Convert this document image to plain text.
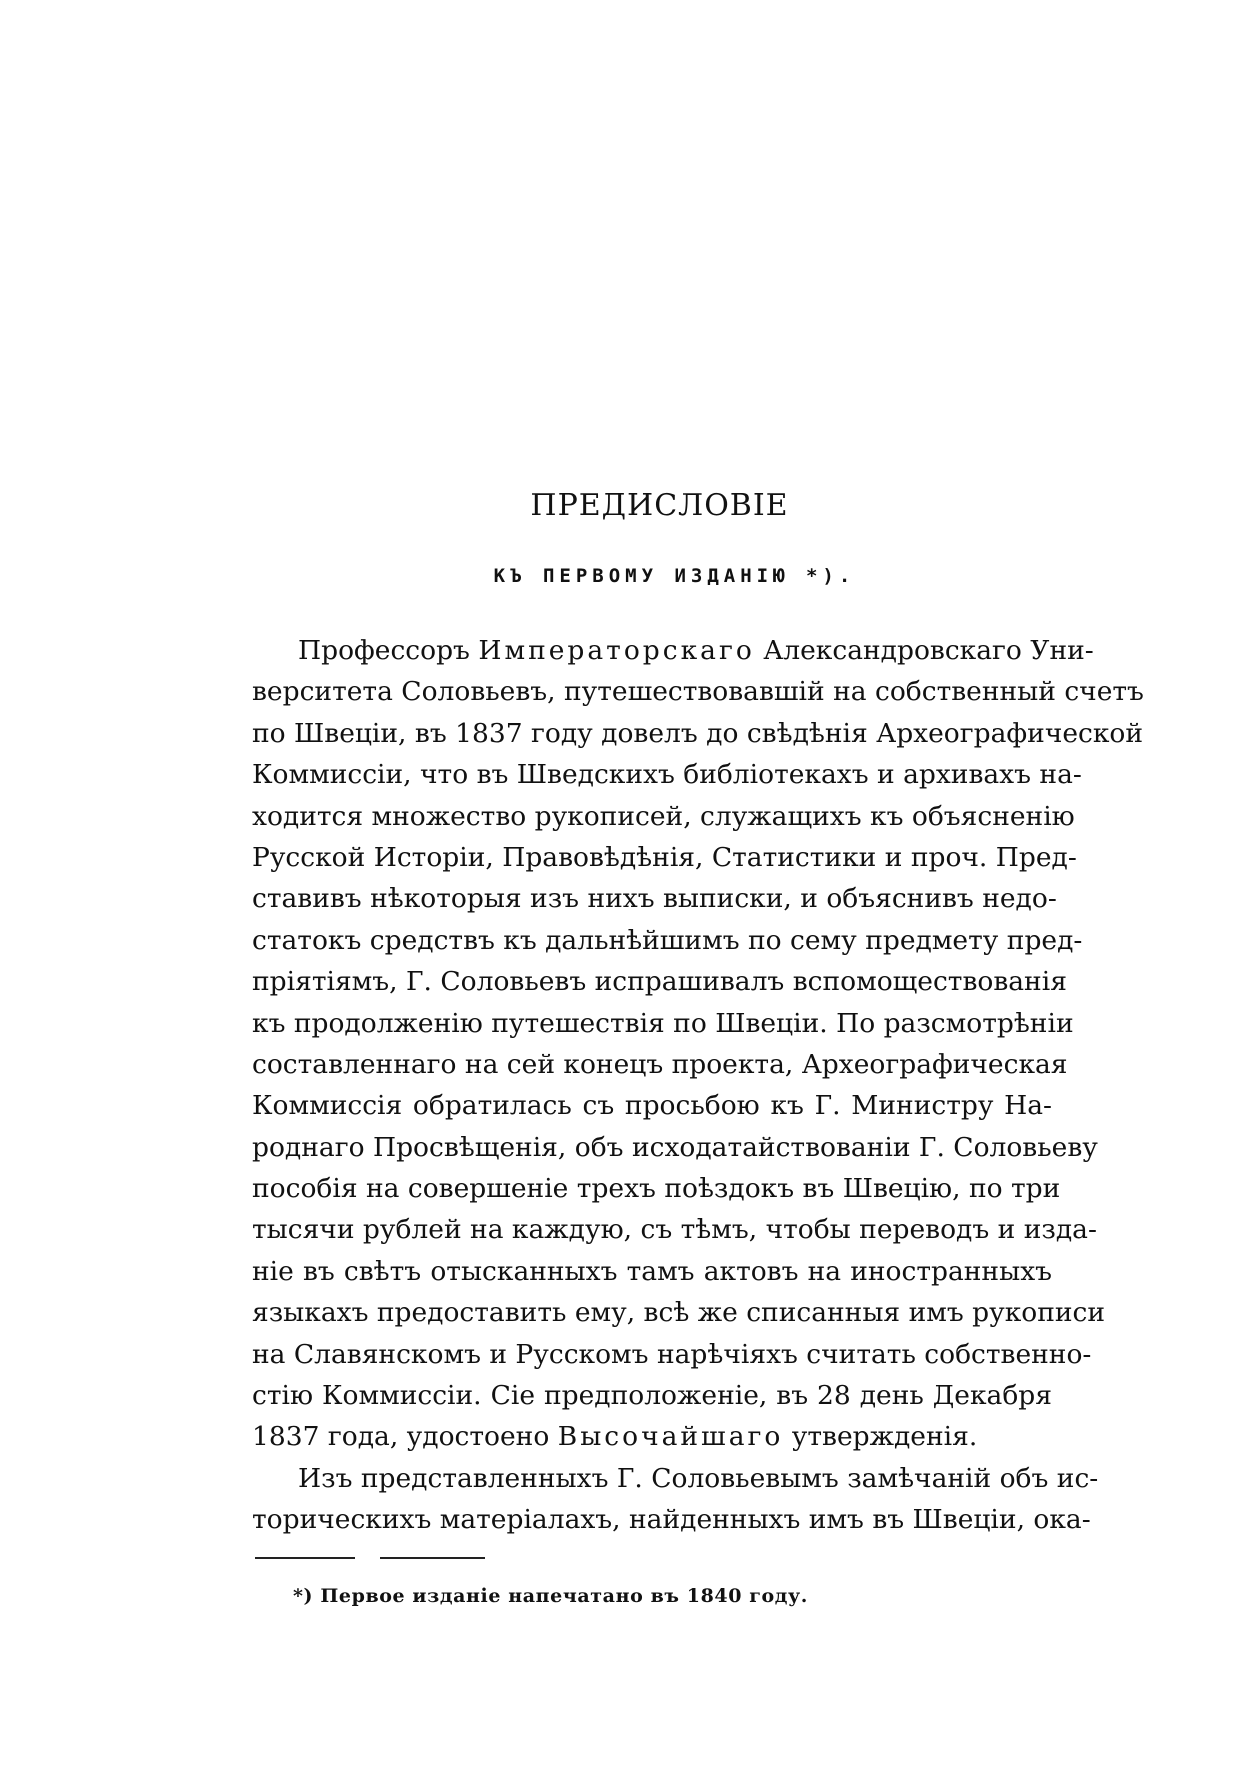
ПРЕДИСЛОВІЕ
КЪ ПЕРВОМУ ИЗДАНІЮ *).
Профессоръ Императорскаго Александровскаго Уни-
верситета Соловьевъ, путешествовавшій на собственный счетъ
по Швеціи, въ 1837 году довелъ до свѣдѣнія Археографической
Коммиссіи, что въ Шведскихъ библіотекахъ и архивахъ на-
ходится множество рукописей, служащихъ къ объясненію
Русской Исторіи, Правовѣдѣнія, Статистики и проч. Пред-
ставивъ нѣкоторыя изъ нихъ выписки, и объяснивъ недо-
статокъ средствъ къ дальнѣйшимъ по сему предмету пред-
пріятіямъ, Г. Соловьевъ испрашивалъ вспомоществованія
къ продолженію путешествія по Швеціи. По разсмотрѣніи
составленнаго на сей конецъ проекта, Археографическая
Коммиссія обратилась съ просьбою къ Г. Министру На-
роднаго Просвѣщенія, объ исходатайствованіи Г. Соловьеву
пособія на совершеніе трехъ поѣздокъ въ Швецію, по три
тысячи рублей на каждую, съ тѣмъ, чтобы переводъ и изда-
ніе въ свѣтъ отысканныхъ тамъ актовъ на иностранныхъ
языкахъ предоставить ему, всѣ же списанныя имъ рукописи
на Славянскомъ и Русскомъ нарѣчіяхъ считать собственно-
стію Коммиссіи. Сіе предположеніе, въ 28 день Декабря
1837 года, удостоено Высочайшаго утвержденія.
Изъ представленныхъ Г. Соловьевымъ замѣчаній объ ис-
торическихъ матеріалахъ, найденныхъ имъ въ Швеціи, ока-
*) Первое изданіе напечатано въ 1840 году.
